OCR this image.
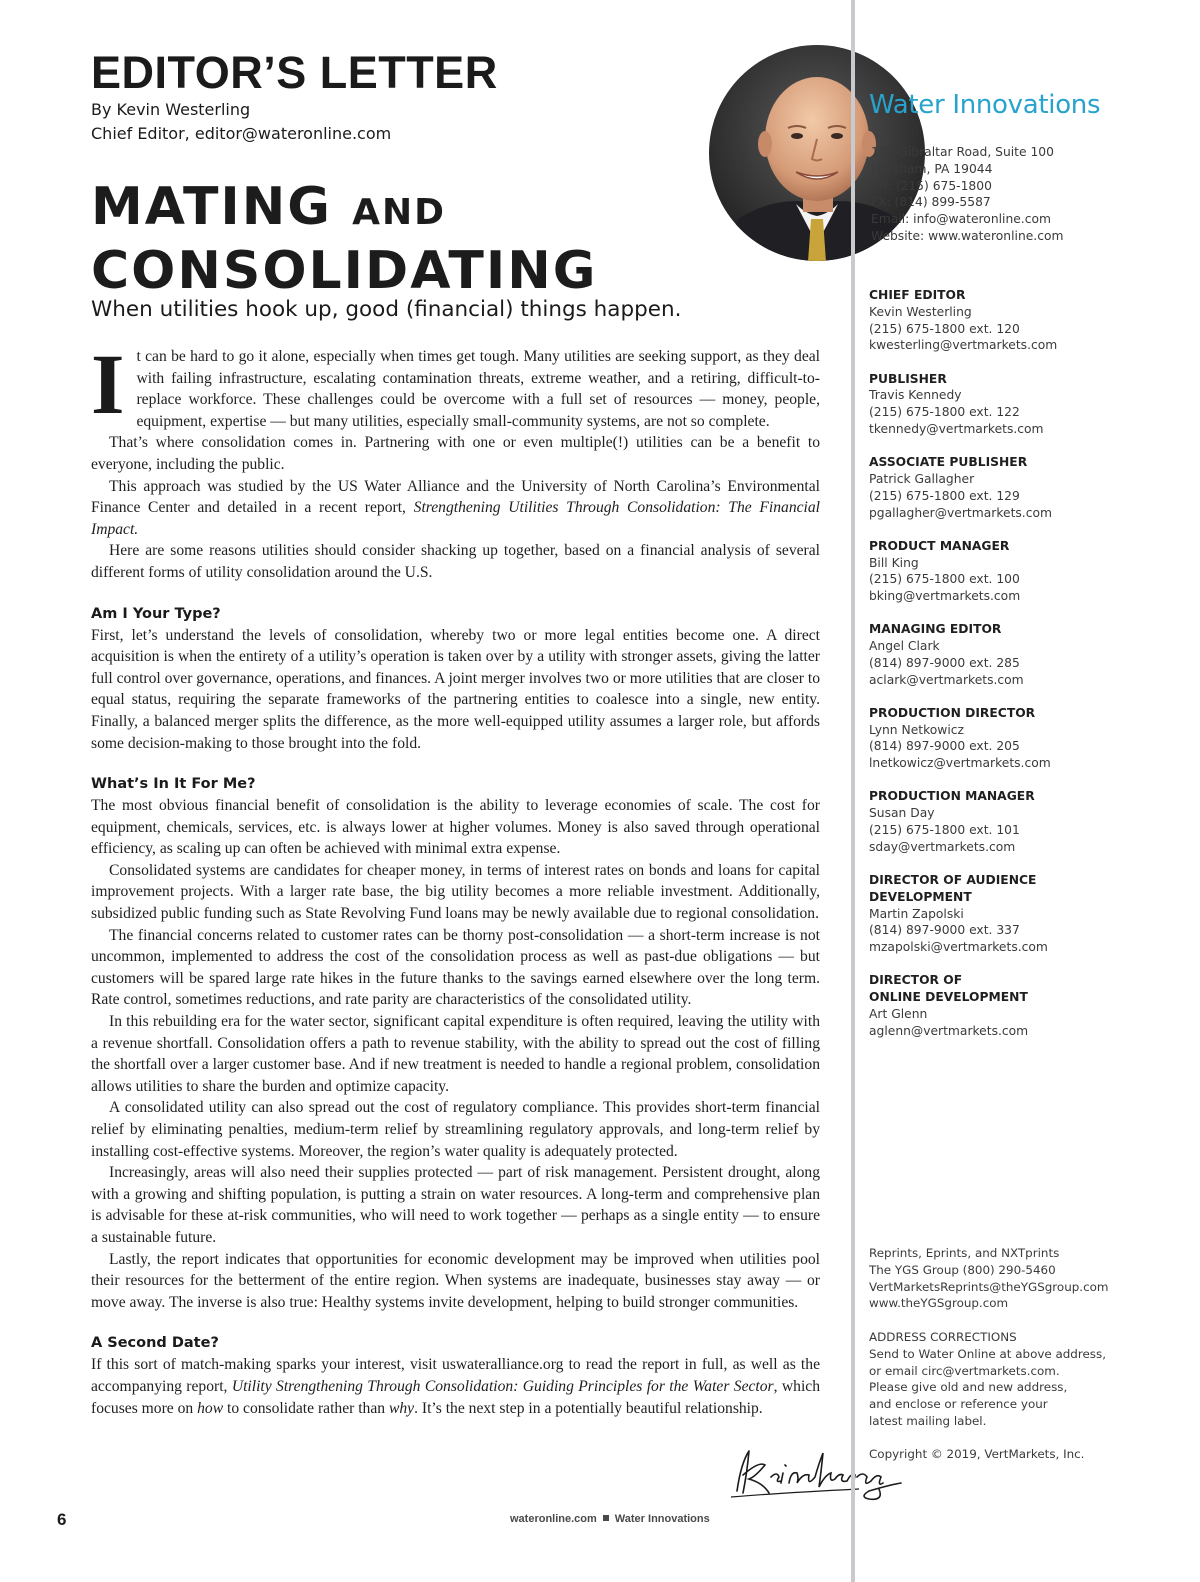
EDITOR’S LETTER
By Kevin Westerling
Chief Editor, editor@wateronline.com
MATING AND
CONSOLIDATING
When utilities hook up, good (financial) things happen.

It can be hard to go it alone, especially when times get tough. Many utilities are seeking support, as they deal with failing infrastructure, escalating contamination threats, extreme weather, and a retiring, difficult-to-replace workforce. These challenges could be overcome with a full set of resources — money, people, equipment, expertise — but many utilities, especially small-community systems, are not so complete.

That’s where consolidation comes in. Partnering with one or even multiple(!) utilities can be a benefit to everyone, including the public.

This approach was studied by the US Water Alliance and the University of North Carolina’s Environmental Finance Center and detailed in a recent report, Strengthening Utilities Through Consolidation: The Financial Impact.

Here are some reasons utilities should consider shacking up together, based on a financial analysis of several different forms of utility consolidation around the U.S.

Am I Your Type?

First, let’s understand the levels of consolidation, whereby two or more legal entities become one. A direct acquisition is when the entirety of a utility’s operation is taken over by a utility with stronger assets, giving the latter full control over governance, operations, and finances. A joint merger involves two or more utilities that are closer to equal status, requiring the separate frameworks of the partnering entities to coalesce into a single, new entity. Finally, a balanced merger splits the difference, as the more well-equipped utility assumes a larger role, but affords some decision-making to those brought into the fold.

What’s In It For Me?

The most obvious financial benefit of consolidation is the ability to leverage economies of scale. The cost for equipment, chemicals, services, etc. is always lower at higher volumes. Money is also saved through operational efficiency, as scaling up can often be achieved with minimal extra expense.

Consolidated systems are candidates for cheaper money, in terms of interest rates on bonds and loans for capital improvement projects. With a larger rate base, the big utility becomes a more reliable investment. Additionally, subsidized public funding such as State Revolving Fund loans may be newly available due to regional consolidation.

The financial concerns related to customer rates can be thorny post-consolidation — a short-term increase is not uncommon, implemented to address the cost of the consolidation process as well as past-due obligations — but customers will be spared large rate hikes in the future thanks to the savings earned elsewhere over the long term. Rate control, sometimes reductions, and rate parity are characteristics of the consolidated utility.

In this rebuilding era for the water sector, significant capital expenditure is often required, leaving the utility with a revenue shortfall. Consolidation offers a path to revenue stability, with the ability to spread out the cost of filling the shortfall over a larger customer base. And if new treatment is needed to handle a regional problem, consolidation allows utilities to share the burden and optimize capacity.

A consolidated utility can also spread out the cost of regulatory compliance. This provides short-term financial relief by eliminating penalties, medium-term relief by streamlining regulatory approvals, and long-term relief by installing cost-effective systems. Moreover, the region’s water quality is adequately protected.

Increasingly, areas will also need their supplies protected — part of risk management. Persistent drought, along with a growing and shifting population, is putting a strain on water resources. A long-term and comprehensive plan is advisable for these at-risk communities, who will need to work together — perhaps as a single entity — to ensure a sustainable future.

Lastly, the report indicates that opportunities for economic development may be improved when utilities pool their resources for the betterment of the entire region. When systems are inadequate, businesses stay away — or move away. The inverse is also true: Healthy systems invite development, helping to build stronger communities.

A Second Date?

If this sort of match-making sparks your interest, visit uswateralliance.org to read the report in full, as well as the accompanying report, Utility Strengthening Through Consolidation: Guiding Principles for the Water Sector, which focuses more on how to consolidate rather than why. It’s the next step in a potentially beautiful relationship.

6	wateronline.com Water Innovations
Water Innovations
101 Gibraltar Road, Suite 100
Horsham, PA 19044
PH: (215) 675-1800
FX: (814) 899-5587
Email: info@wateronline.com
Website: www.wateronline.com
CHIEF EDITOR
Kevin Westerling
(215) 675-1800 ext. 120
kwesterling@vertmarkets.com
PUBLISHER
Travis Kennedy
(215) 675-1800 ext. 122
tkennedy@vertmarkets.com
ASSOCIATE PUBLISHER
Patrick Gallagher
(215) 675-1800 ext. 129
pgallagher@vertmarkets.com
PRODUCT MANAGER
Bill King
(215) 675-1800 ext. 100
bking@vertmarkets.com
MANAGING EDITOR
Angel Clark
(814) 897-9000 ext. 285
aclark@vertmarkets.com
PRODUCTION DIRECTOR
Lynn Netkowicz
(814) 897-9000 ext. 205
lnetkowicz@vertmarkets.com
PRODUCTION MANAGER
Susan Day
(215) 675-1800 ext. 101
sday@vertmarkets.com
DIRECTOR OF AUDIENCE
DEVELOPMENT
Martin Zapolski
(814) 897-9000 ext. 337
mzapolski@vertmarkets.com
DIRECTOR OF
ONLINE DEVELOPMENT
Art Glenn
aglenn@vertmarkets.com
Reprints, Eprints, and NXTprints
The YGS Group (800) 290-5460
VertMarketsReprints@theYGSgroup.com
www.theYGSgroup.com
ADDRESS CORRECTIONS
Send to Water Online at above address,
or email circ@vertmarkets.com.
Please give old and new address,
and enclose or reference your
latest mailing label.
Copyright © 2019, VertMarkets, Inc.
